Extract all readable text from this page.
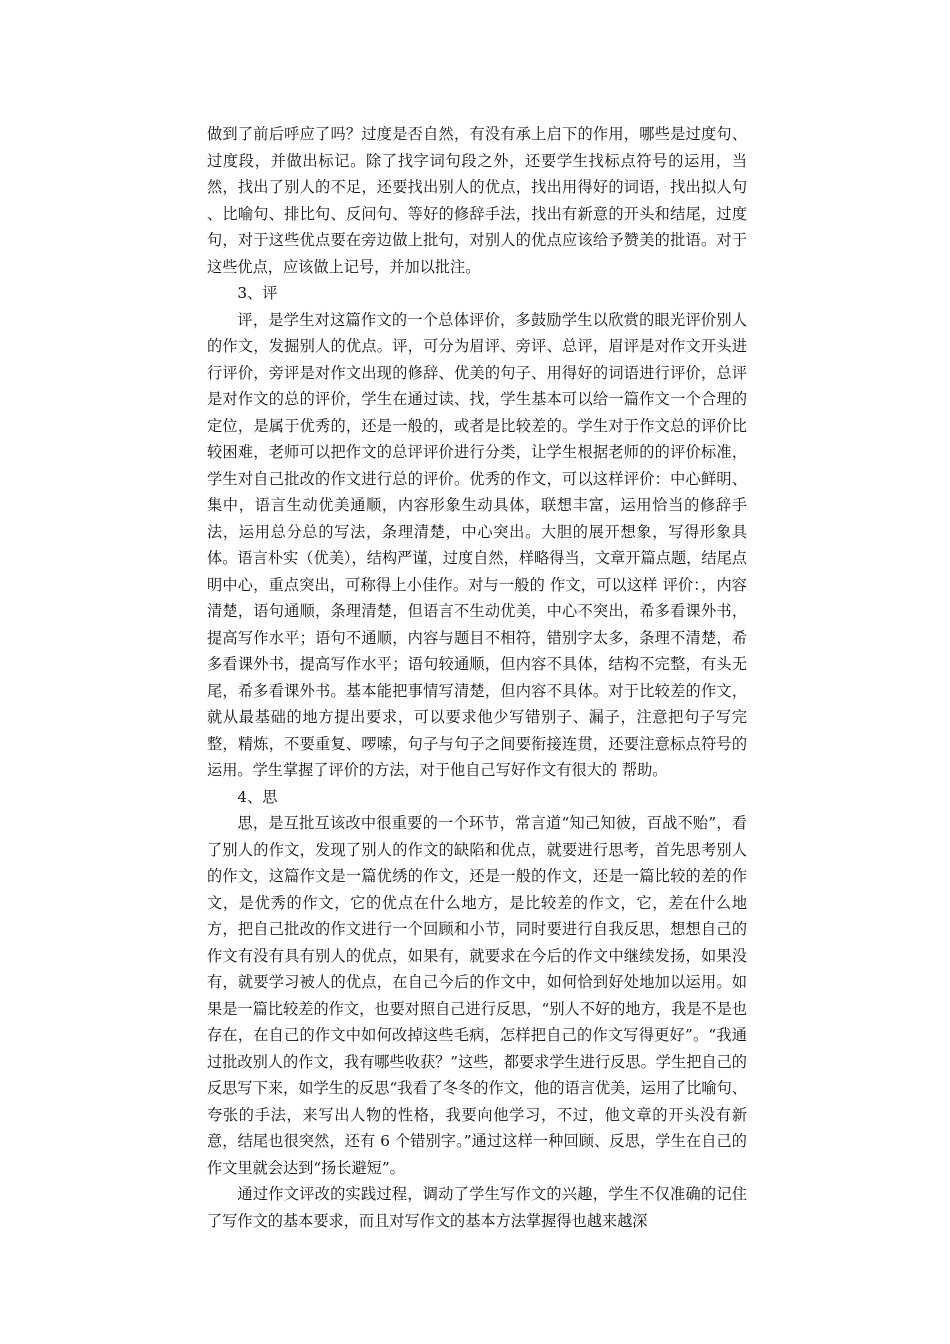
做到了前后呼应了吗？过度是否自然，有没有承上启下的作用，哪些是过度句、过度段，并做出标记。除了找字词句段之外，还要学生找标点符号的运用，当然，找出了别人的不足，还要找出别人的优点，找出用得好的词语，找出拟人句 、比喻句、排比句、反问句、等好的修辞手法，找出有新意的开头和结尾，过度句，对于这些优点要在旁边做上批句，对别人的优点应该给予赞美的批语。对于这些优点，应该做上记号，并加以批注。

3、评

评，是学生对这篇作文的一个总体评价，多鼓励学生以欣赏的眼光评价别人的作文，发掘别人的优点。评，可分为眉评、旁评、总评，眉评是对作文开头进行评价，旁评是对作文出现的修辞、优美的句子、用得好的词语进行评价，总评是对作文的总的评价，学生在通过读、找，学生基本可以给一篇作文一个合理的定位，是属于优秀的，还是一般的，或者是比较差的。学生对于作文总的评价比较困难，老师可以把作文的总评评价进行分类，让学生根据老师的的评价标准，学生对自己批改的作文进行总的评价。优秀的作文，可以这样评价：中心鲜明、集中，语言生动优美通顺，内容形象生动具体，联想丰富，运用恰当的修辞手法，运用总分总的写法，条理清楚，中心突出。大胆的展开想象，写得形象具体。语言朴实（优美），结构严谨，过度自然，样略得当，文章开篇点题，结尾点明中心，重点突出，可称得上小佳作。对与一般的 作文，可以这样 评价：，内容清楚，语句通顺，条理清楚，但语言不生动优美，中心不突出，希多看课外书，提高写作水平；语句不通顺，内容与题目不相符，错别字太多，条理不清楚，希多看课外书，提高写作水平；语句较通顺，但内容不具体，结构不完整，有头无尾，希多看课外书。基本能把事情写清楚，但内容不具体。对于比较差的作文，就从最基础的地方提出要求，可以要求他少写错别子、漏子，注意把句子写完整，精炼，不要重复、啰嗦，句子与句子之间要衔接连贯，还要注意标点符号的运用。学生掌握了评价的方法，对于他自己写好作文有很大的 帮助。

4、思

思，是互批互该改中很重要的一个环节，常言道“知己知彼，百战不贻”，看了别人的作文，发现了别人的作文的缺陷和优点，就要进行思考，首先思考别人的作文，这篇作文是一篇优绣的作文，还是一般的作文，还是一篇比较的差的作文，是优秀的作文，它的优点在什么地方，是比较差的作文，它，差在什么地方，把自己批改的作文进行一个回顾和小节，同时要进行自我反思，想想自己的作文有没有具有别人的优点，如果有，就要求在今后的作文中继续发扬，如果没有，就要学习被人的优点，在自己今后的作文中，如何恰到好处地加以运用。如果是一篇比较差的作文，也要对照自己进行反思，“别人不好的地方，我是不是也存在，在自己的作文中如何改掉这些毛病，怎样把自己的作文写得更好”。“我通过批改别人的作文，我有哪些收获？”这些，都要求学生进行反思。学生把自己的反思写下来，如学生的反思“我看了冬冬的作文，他的语言优美，运用了比喻句、夸张的手法，来写出人物的性格，我要向他学习，不过，他文章的开头没有新意，结尾也很突然，还有 6 个错别字。”通过这样一种回顾、反思，学生在自己的作文里就会达到“扬长避短”。

通过作文评改的实践过程，调动了学生写作文的兴趣，学生不仅准确的记住了写作文的基本要求，而且对写作文的基本方法掌握得也越来越深
